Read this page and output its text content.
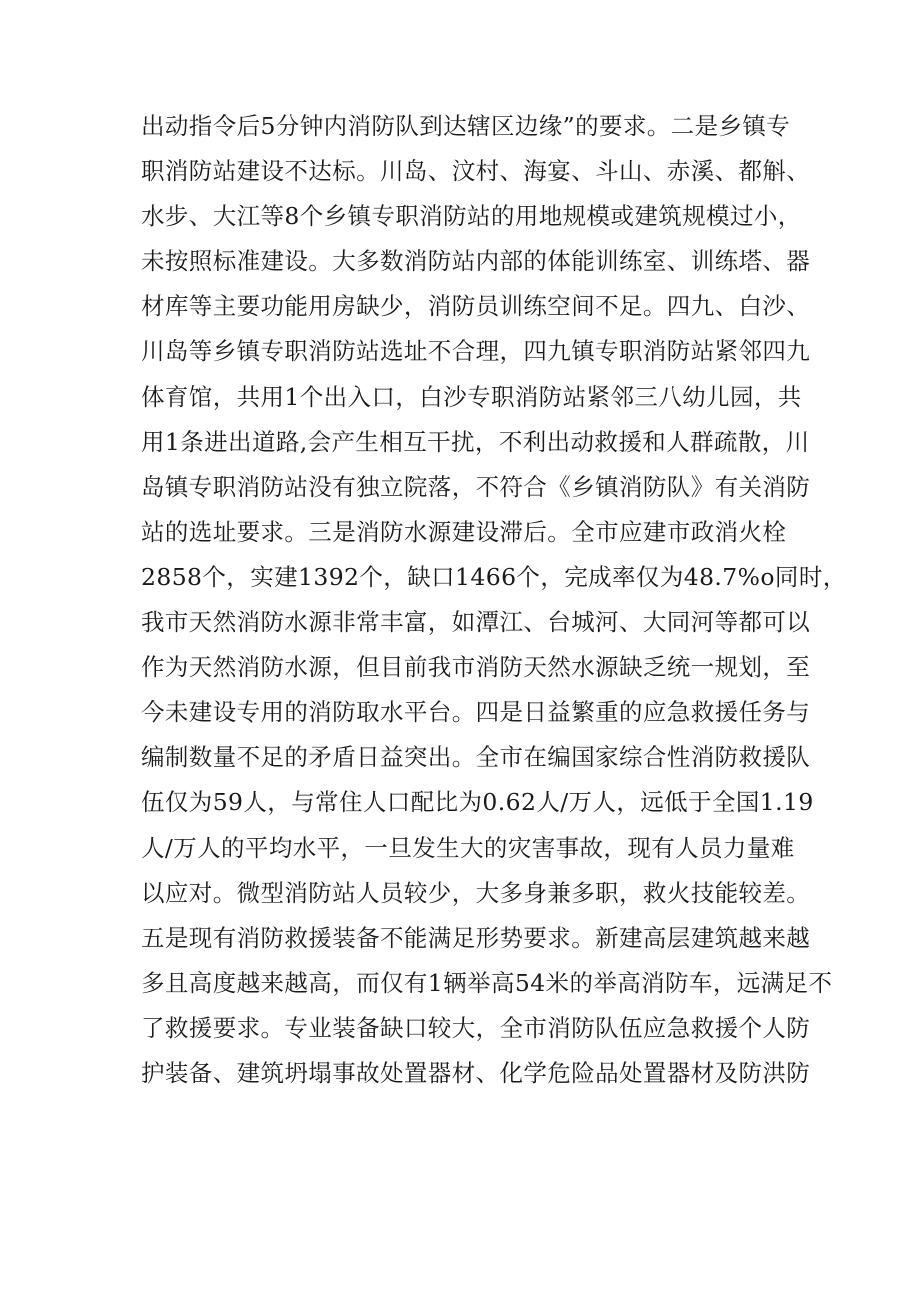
出动指令后5分钟内消防队到达辖区边缘”的要求。二是乡镇专
职消防站建设不达标。川岛、汶村、海宴、斗山、赤溪、都斛、
水步、大江等8个乡镇专职消防站的用地规模或建筑规模过小，
未按照标准建设。大多数消防站内部的体能训练室、训练塔、器
材库等主要功能用房缺少，消防员训练空间不足。四九、白沙、
川岛等乡镇专职消防站选址不合理，四九镇专职消防站紧邻四九
体育馆，共用1个出入口，白沙专职消防站紧邻三八幼儿园，共
用1条进出道路,会产生相互干扰，不利出动救援和人群疏散，川
岛镇专职消防站没有独立院落，不符合《乡镇消防队》有关消防
站的选址要求。三是消防水源建设滞后。全市应建市政消火栓
2858个，实建1392个，缺口1466个，完成率仅为48.7%o同时，
我市天然消防水源非常丰富，如潭江、台城河、大同河等都可以
作为天然消防水源，但目前我市消防天然水源缺乏统一规划，至
今未建设专用的消防取水平台。四是日益繁重的应急救援任务与
编制数量不足的矛盾日益突出。全市在编国家综合性消防救援队
伍仅为59人，与常住人口配比为0.62人/万人，远低于全国1.19
人/万人的平均水平，一旦发生大的灾害事故，现有人员力量难
以应对。微型消防站人员较少，大多身兼多职，救火技能较差。
五是现有消防救援装备不能满足形势要求。新建高层建筑越来越
多且高度越来越高，而仅有1辆举高54米的举高消防车，远满足不
了救援要求。专业装备缺口较大，全市消防队伍应急救援个人防
护装备、建筑坍塌事故处置器材、化学危险品处置器材及防洪防
